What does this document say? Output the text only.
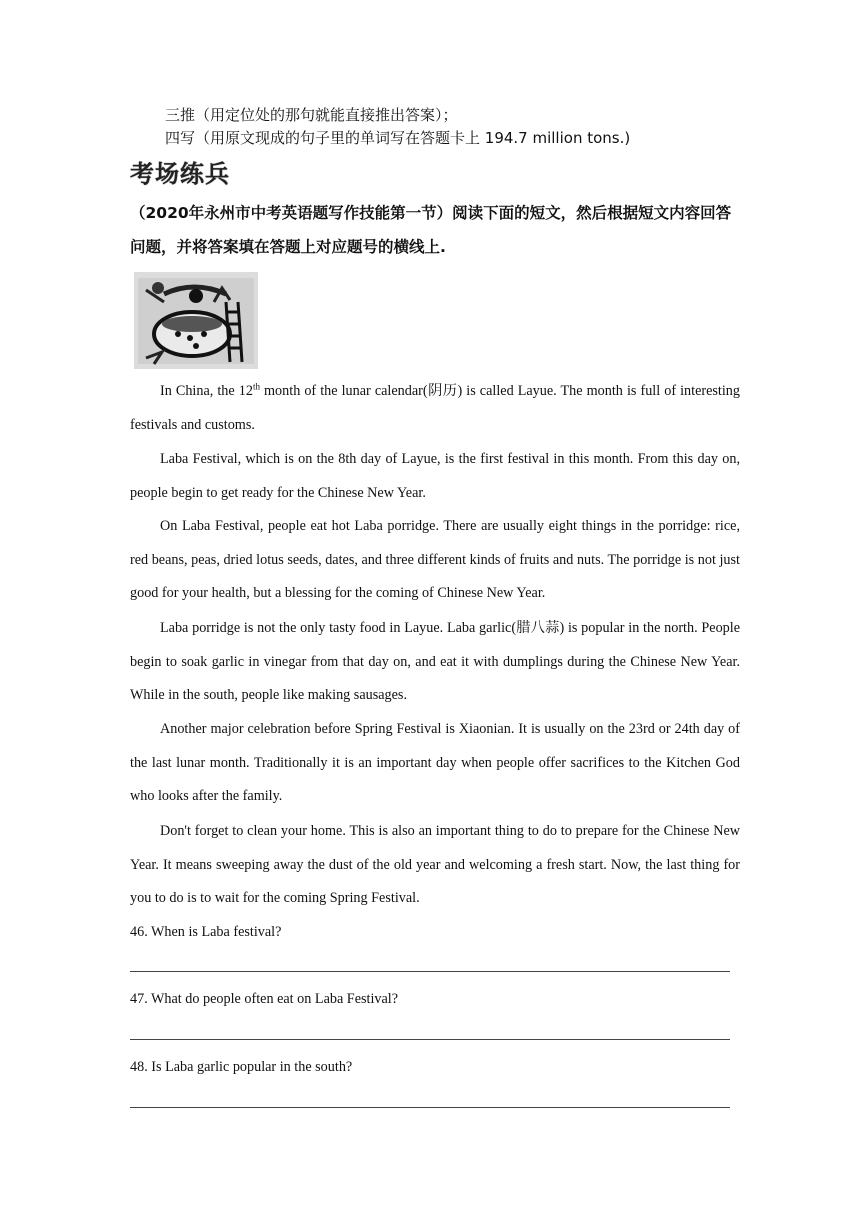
三推（用定位处的那句就能直接推出答案）；
四写（用原文现成的句子里的单词写在答题卡上 194.7 million tons.)
考场练兵
（2020年永州市中考英语题写作技能第一节）阅读下面的短文，然后根据短文内容回答问题，并将答案填在答题上对应题号的横线上.
In China, the 12th month of the lunar calendar(阴历) is called Layue. The month is full of interesting festivals and customs.
Laba Festival, which is on the 8th day of Layue, is the first festival in this month. From this day on, people begin to get ready for the Chinese New Year.
On Laba Festival, people eat hot Laba porridge. There are usually eight things in the porridge: rice, red beans, peas, dried lotus seeds, dates, and three different kinds of fruits and nuts. The porridge is not just good for your health, but a blessing for the coming of Chinese New Year.
Laba porridge is not the only tasty food in Layue. Laba garlic(腊八蒜) is popular in the north. People begin to soak garlic in vinegar from that day on, and eat it with dumplings during the Chinese New Year. While in the south, people like making sausages.
Another major celebration before Spring Festival is Xiaonian. It is usually on the 23rd or 24th day of the last lunar month. Traditionally it is an important day when people offer sacrifices to the Kitchen God who looks after the family.
Don't forget to clean your home. This is also an important thing to do to prepare for the Chinese New Year. It means sweeping away the dust of the old year and welcoming a fresh start. Now, the last thing for you to do is to wait for the coming Spring Festival.
46. When is Laba festival?
47. What do people often eat on Laba Festival?
48. Is Laba garlic popular in the south?
